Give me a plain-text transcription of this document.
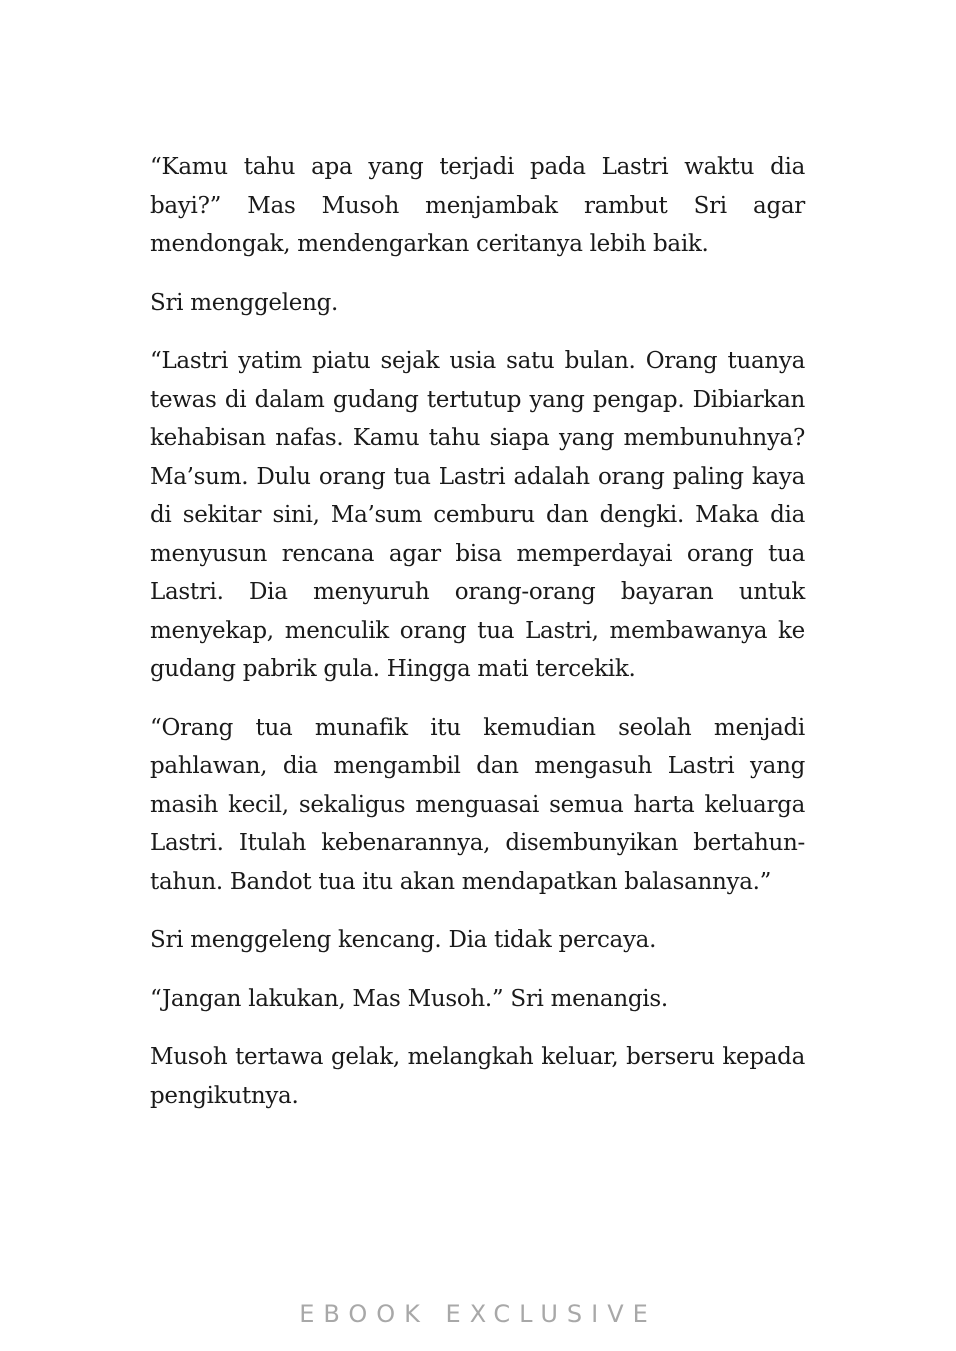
“Kamu tahu apa yang terjadi pada Lastri waktu dia bayi?” Mas Musoh menjambak rambut Sri agar mendongak, mendengarkan ceritanya lebih baik.

Sri menggeleng.

“Lastri yatim piatu sejak usia satu bulan. Orang tuanya tewas di dalam gudang tertutup yang pengap. Dibiarkan kehabisan nafas. Kamu tahu siapa yang membunuhnya? Ma’sum. Dulu orang tua Lastri adalah orang paling kaya di sekitar sini, Ma’sum cemburu dan dengki. Maka dia menyusun rencana agar bisa memperdayai orang tua Lastri. Dia menyuruh orang-orang bayaran untuk menyekap, menculik orang tua Lastri, membawanya ke gudang pabrik gula. Hingga mati tercekik.

“Orang tua munafik itu kemudian seolah menjadi pahlawan, dia mengambil dan mengasuh Lastri yang masih kecil, sekaligus menguasai semua harta keluarga Lastri. Itulah kebenarannya, disembunyikan bertahun-tahun. Bandot tua itu akan mendapatkan balasannya.”

Sri menggeleng kencang. Dia tidak percaya.

“Jangan lakukan, Mas Musoh.” Sri menangis.

Musoh tertawa gelak, melangkah keluar, berseru kepada pengikutnya.

EBOOK EXCLUSIVE
